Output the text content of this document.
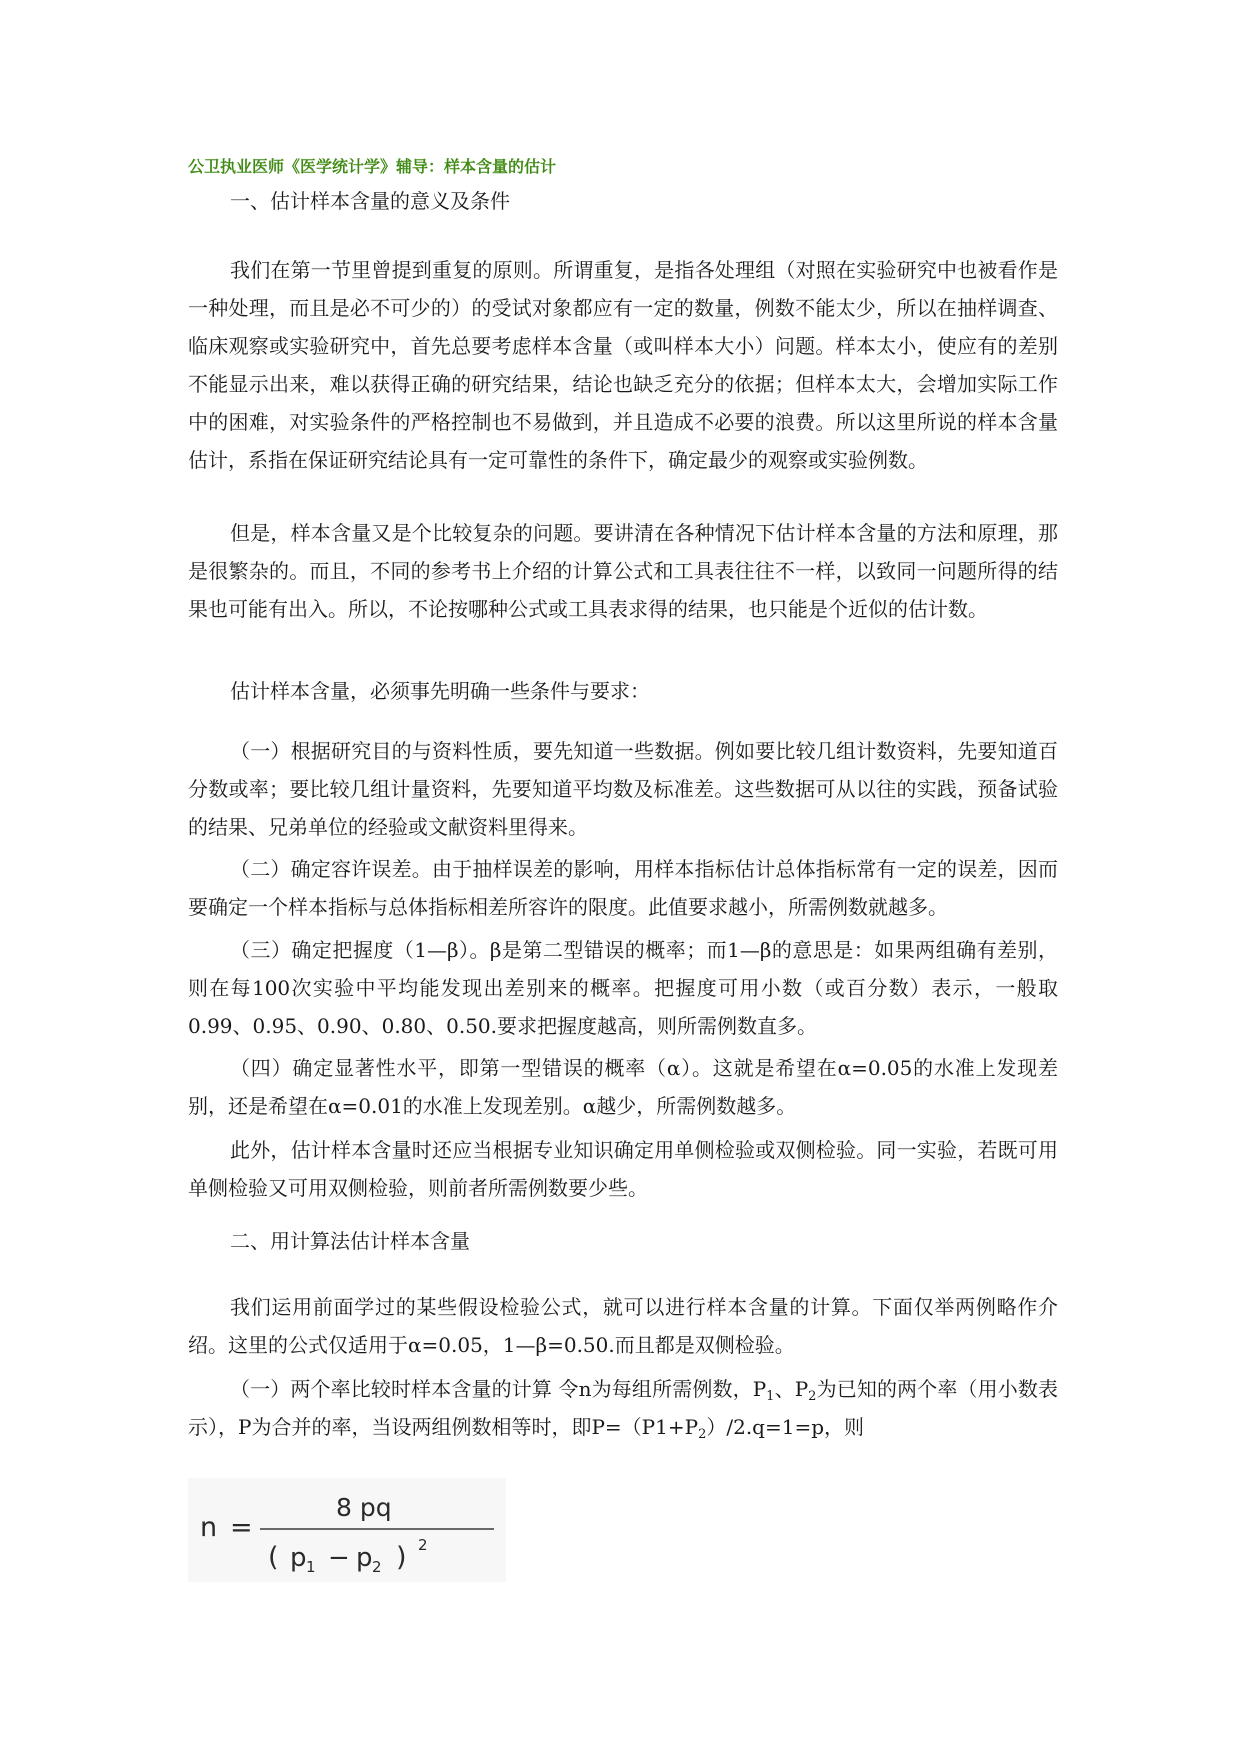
公卫执业医师《医学统计学》辅导：样本含量的估计
一、估计样本含量的意义及条件
我们在第一节里曾提到重复的原则。所谓重复，是指各处理组（对照在实验研究中也被看作是一种处理，而且是必不可少的）的受试对象都应有一定的数量，例数不能太少，所以在抽样调查、临床观察或实验研究中，首先总要考虑样本含量（或叫样本大小）问题。样本太小，使应有的差别不能显示出来，难以获得正确的研究结果，结论也缺乏充分的依据；但样本太大，会增加实际工作中的困难，对实验条件的严格控制也不易做到，并且造成不必要的浪费。所以这里所说的样本含量估计，系指在保证研究结论具有一定可靠性的条件下，确定最少的观察或实验例数。
但是，样本含量又是个比较复杂的问题。要讲清在各种情况下估计样本含量的方法和原理，那是很繁杂的。而且，不同的参考书上介绍的计算公式和工具表往往不一样，以致同一问题所得的结果也可能有出入。所以，不论按哪种公式或工具表求得的结果，也只能是个近似的估计数。
估计样本含量，必须事先明确一些条件与要求：
（一）根据研究目的与资料性质，要先知道一些数据。例如要比较几组计数资料，先要知道百分数或率；要比较几组计量资料，先要知道平均数及标准差。这些数据可从以往的实践，预备试验的结果、兄弟单位的经验或文献资料里得来。
（二）确定容许误差。由于抽样误差的影响，用样本指标估计总体指标常有一定的误差，因而要确定一个样本指标与总体指标相差所容许的限度。此值要求越小，所需例数就越多。
（三）确定把握度（1—β）。β是第二型错误的概率；而1—β的意思是：如果两组确有差别，则在每100次实验中平均能发现出差别来的概率。把握度可用小数（或百分数）表示，一般取0.99、0.95、0.90、0.80、0.50.要求把握度越高，则所需例数直多。
（四）确定显著性水平，即第一型错误的概率（α）。这就是希望在α=0.05的水准上发现差别，还是希望在α=0.01的水准上发现差别。α越少，所需例数越多。
此外，估计样本含量时还应当根据专业知识确定用单侧检验或双侧检验。同一实验，若既可用单侧检验又可用双侧检验，则前者所需例数要少些。
二、用计算法估计样本含量
我们运用前面学过的某些假设检验公式，就可以进行样本含量的计算。下面仅举两例略作介绍。这里的公式仅适用于α=0.05，1—β=0.50.而且都是双侧检验。
（一）两个率比较时样本含量的计算 令n为每组所需例数，$P_1$、$P_2$为已知的两个率（用小数表示），P为合并的率，当设两组例数相等时，即$P=(P1+P_2)/2.q=1=p$，则
n =
8 pq
( p 1 − p 2 ) 2
